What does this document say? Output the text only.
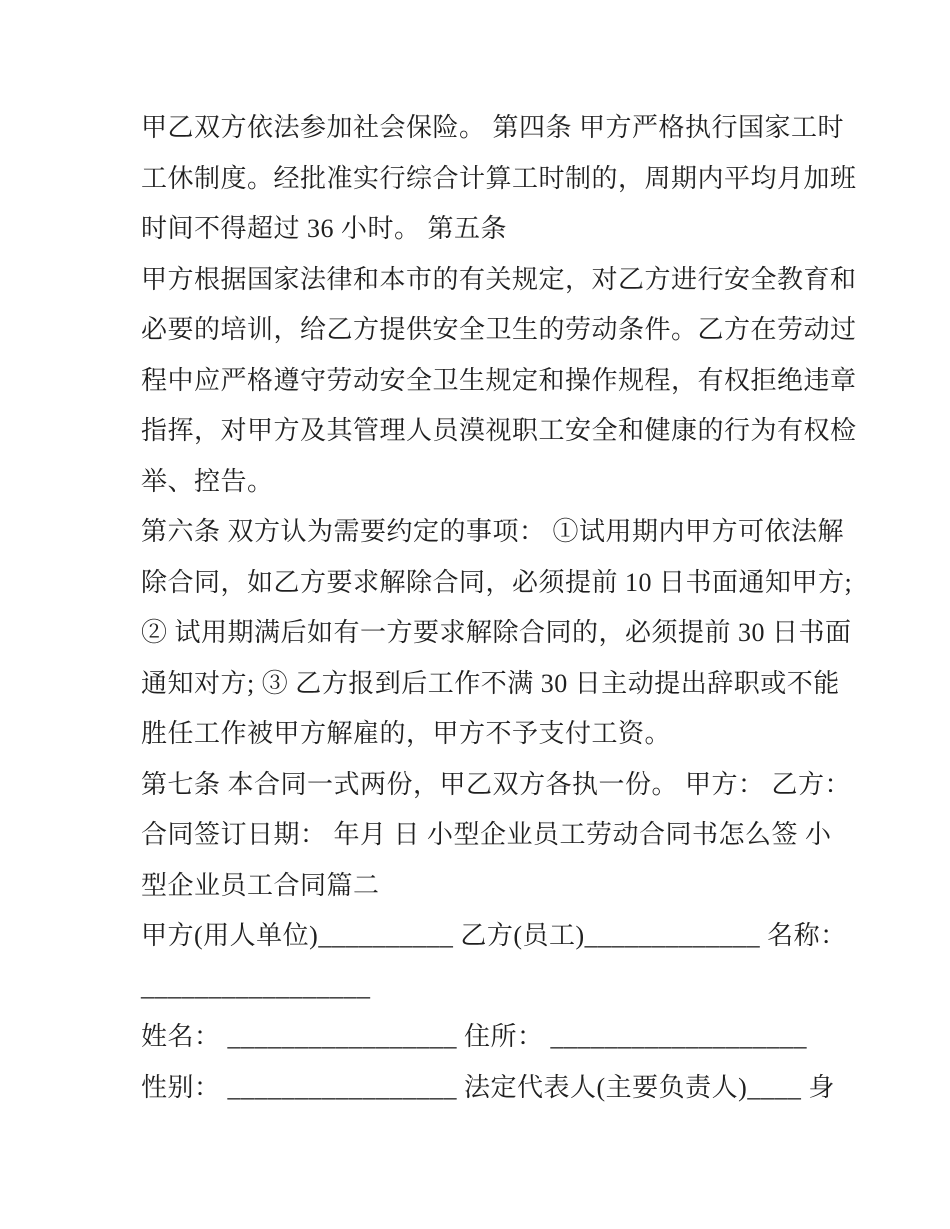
甲乙双方依法参加社会保险。 第四条 甲方严格执行国家工时
工休制度。经批准实行综合计算工时制的，周期内平均月加班
时间不得超过 36 小时。 第五条
甲方根据国家法律和本市的有关规定，对乙方进行安全教育和
必要的培训，给乙方提供安全卫生的劳动条件。乙方在劳动过
程中应严格遵守劳动安全卫生规定和操作规程，有权拒绝违章
指挥，对甲方及其管理人员漠视职工安全和健康的行为有权检
举、控告。
第六条 双方认为需要约定的事项： ①试用期内甲方可依法解
除合同，如乙方要求解除合同，必须提前 10 日书面通知甲方;
② 试用期满后如有一方要求解除合同的，必须提前 30 日书面
通知对方; ③ 乙方报到后工作不满 30 日主动提出辞职或不能
胜任工作被甲方解雇的，甲方不予支付工资。
第七条 本合同一式两份，甲乙双方各执一份。 甲方： 乙方：
合同签订日期： 年月 日 小型企业员工劳动合同书怎么签 小
型企业员工合同篇二
甲方(用人单位)__________ 乙方(员工)_____________ 名称：
_________________
姓名： _________________ 住所： ___________________
性别： _________________ 法定代表人(主要负责人)____ 身
